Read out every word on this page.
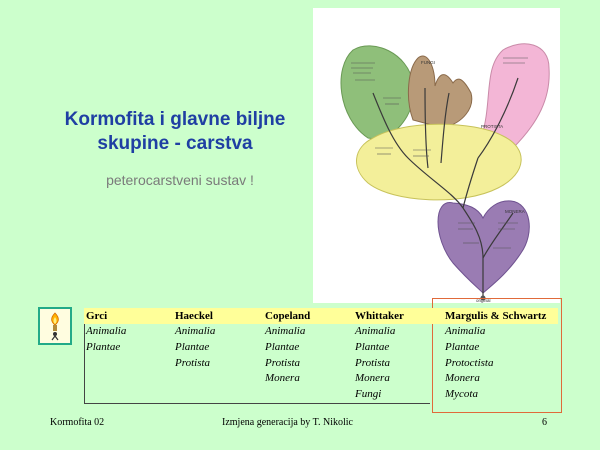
Kormofita i glavne biljne skupine - carstva
peterocarstveni sustav !
FUNGI
PROTISTA
MONERA
original
Grci	Haeckel	Copeland	Whittaker	Margulis & Schwartz
Animalia	Animalia	Animalia	Animalia	Animalia
Plantae	Plantae	Plantae	Plantae	Plantae
	Protista	Protista	Protista	Protoctista
		Monera	Monera	Monera
			Fungi	Mycota
Kormofita 02	Izmjena generacija by T. Nikolic	6
